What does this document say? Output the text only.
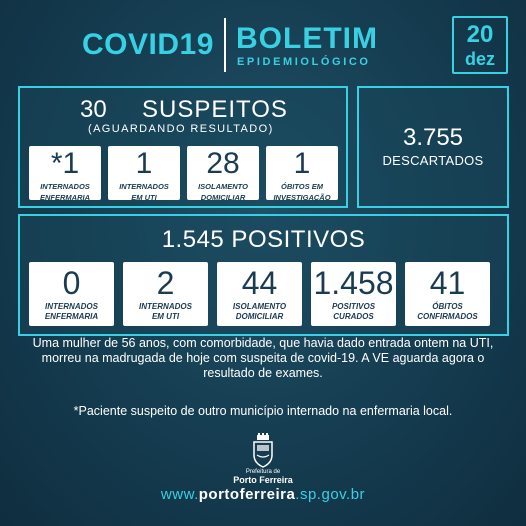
COVID19 BOLETIM
EPIDEMIOLÓGICO
20
dez
30 SUSPEITOS
(AGUARDANDO RESULTADO)
*1
INTERNADOS
ENFERMARIA
1
INTERNADOS
EM UTI
28
ISOLAMENTO
DOMICILIAR
1
ÓBITOS EM
INVESTIGAÇÃO
3.755
DESCARTADOS
1.545 POSITIVOS
0
INTERNADOS
ENFERMARIA
2
INTERNADOS
EM UTI
44
ISOLAMENTO
DOMICILIAR
1.458
POSITIVOS
CURADOS
41
ÓBITOS
CONFIRMADOS
Uma mulher de 56 anos, com comorbidade, que havia dado entrada ontem na UTI, morreu na madrugada de hoje com suspeita de covid-19. A VE aguarda agora o resultado de exames.
*Paciente suspeito de outro município internado na enfermaria local.
Prefeitura de
Porto Ferreira
www.portoferreira.sp.gov.br
